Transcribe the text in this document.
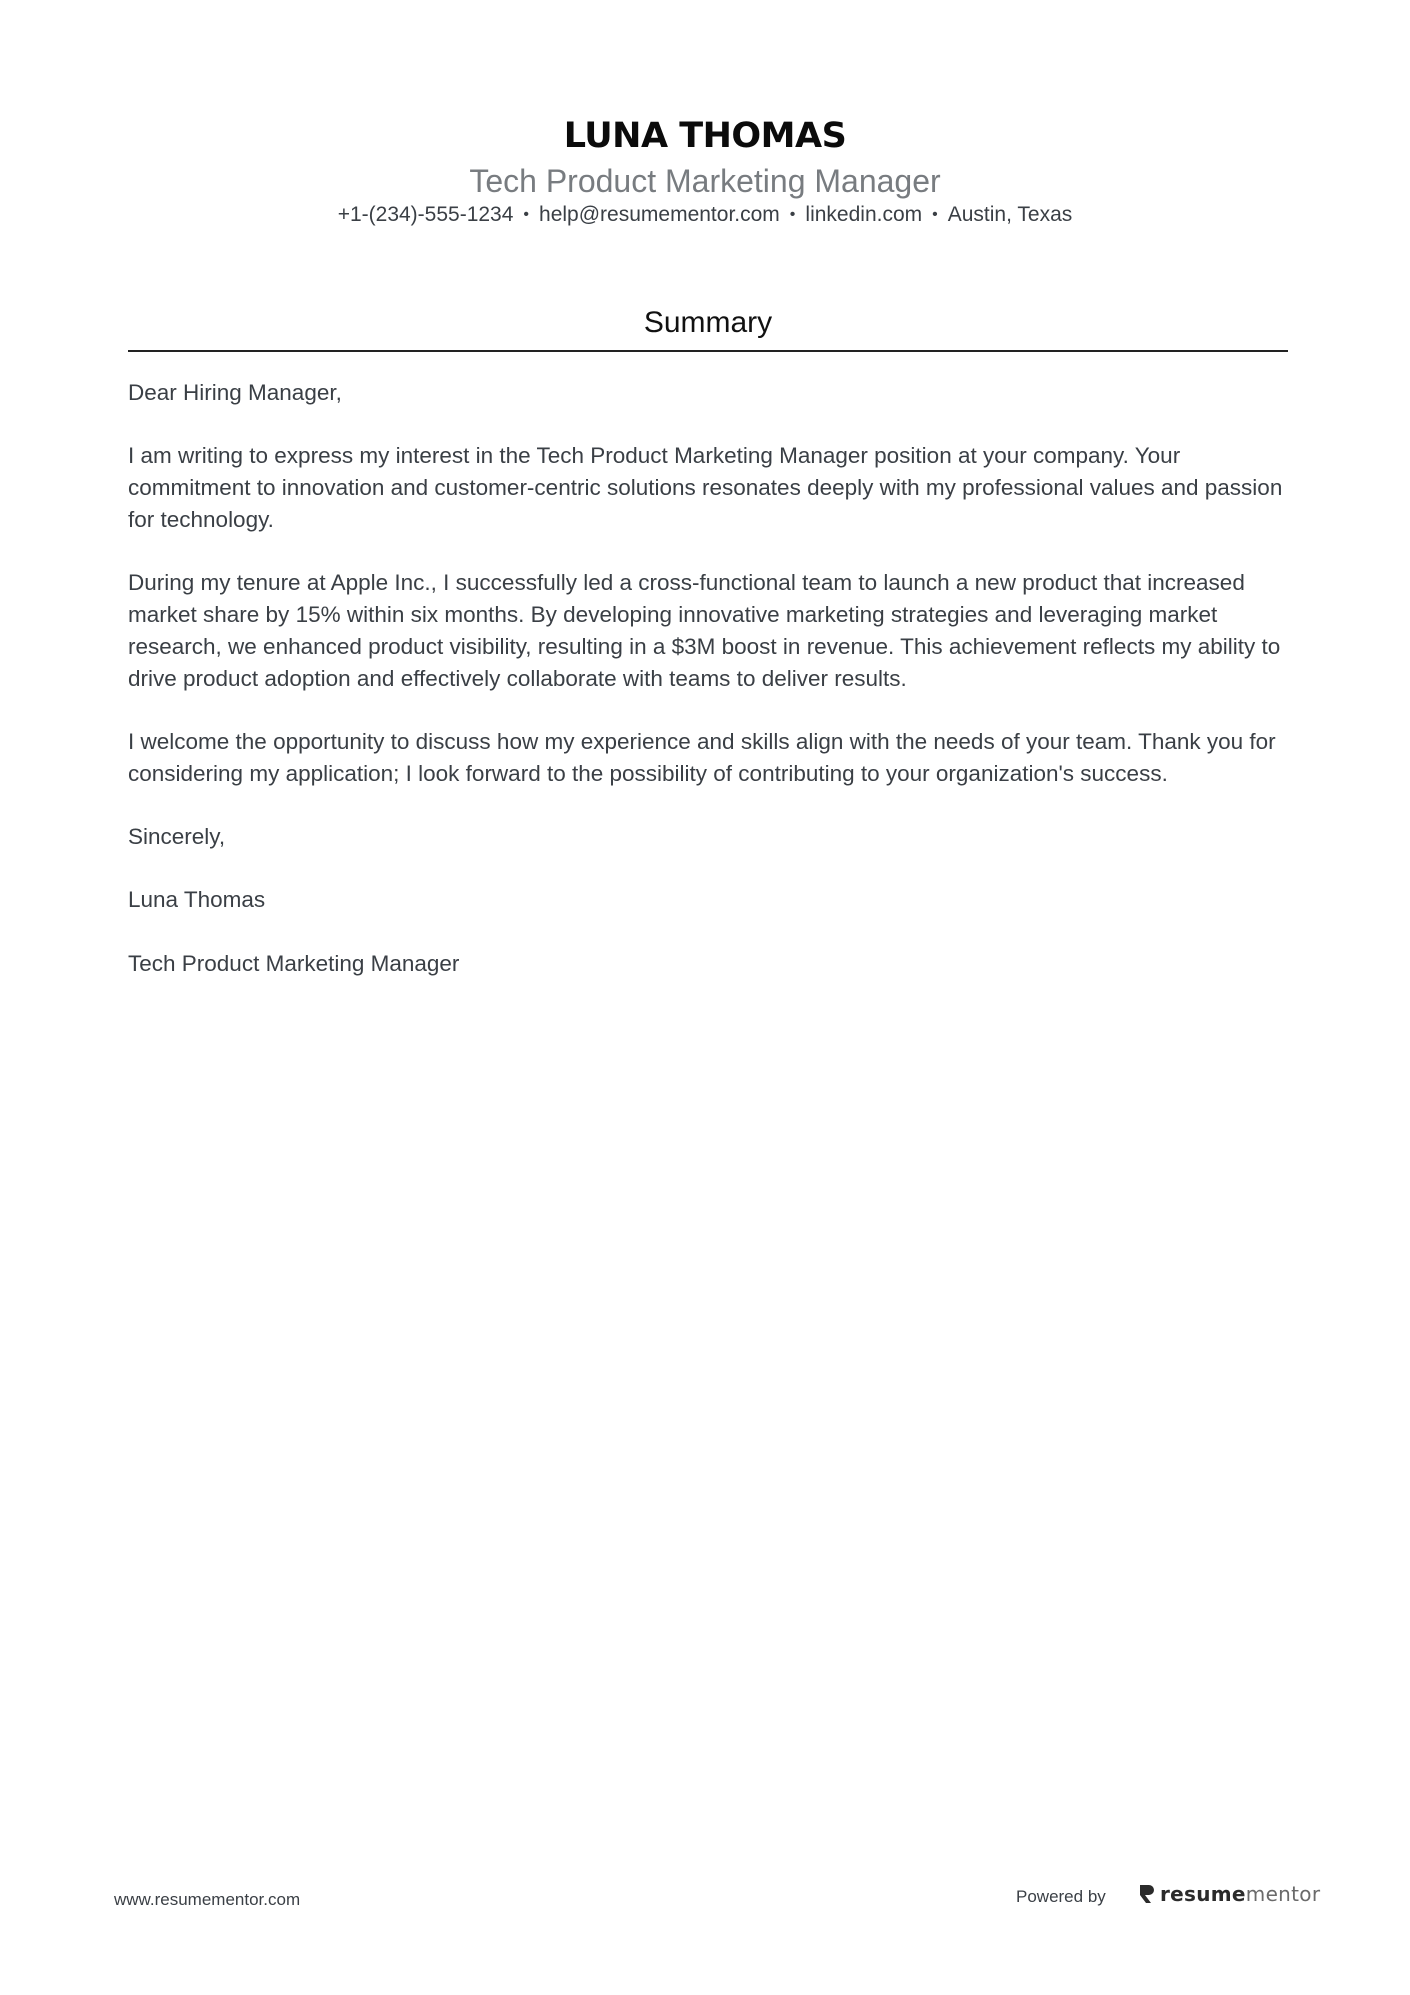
LUNA THOMAS
Tech Product Marketing Manager
+1-(234)-555-1234 • help@resumementor.com • linkedin.com • Austin, Texas
Summary

Dear Hiring Manager,

I am writing to express my interest in the Tech Product Marketing Manager position at your company. Your commitment to innovation and customer-centric solutions resonates deeply with my professional values and passion for technology.

During my tenure at Apple Inc., I successfully led a cross-functional team to launch a new product that increased market share by 15% within six months. By developing innovative marketing strategies and leveraging market research, we enhanced product visibility, resulting in a $3M boost in revenue. This achievement reflects my ability to drive product adoption and effectively collaborate with teams to deliver results.

I welcome the opportunity to discuss how my experience and skills align with the needs of your team. Thank you for considering my application; I look forward to the possibility of contributing to your organization's success.

Sincerely,

Luna Thomas

Tech Product Marketing Manager

www.resumementor.com	Powered by	resumementor
